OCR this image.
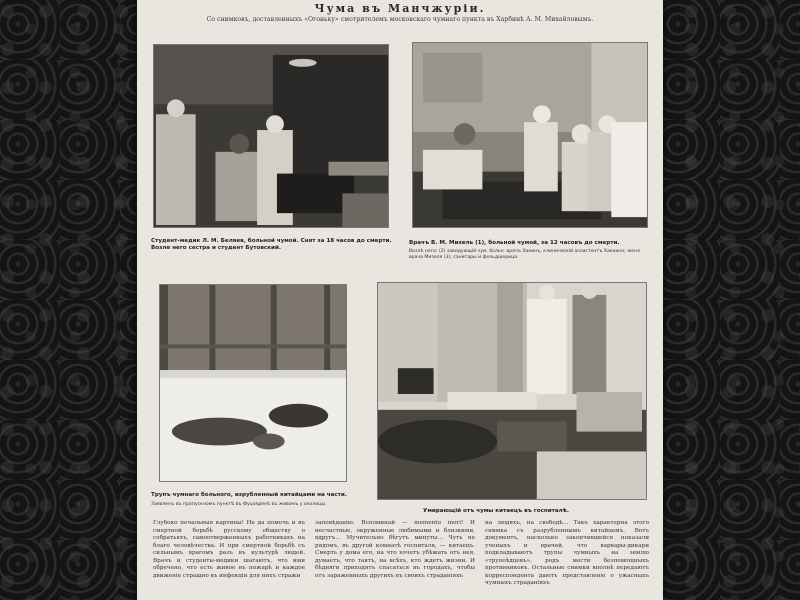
Чума въ Манчжуріи.
Со снимковъ, доставленныхъ «Огоньку» смотрителемъ московскаго чумнаго пункта въ Харбинѣ А. М. Михайловымъ.
Студент-медик Л. М. Беляев, больной чумой. Снят за 18 часов до смерти. Возле него сестра и студент Бутовский.
Врачъ В. М. Мизель (1), больной чумой, за 12 часовъ до смерти.
Возлѣ него: (2) заведующій чум. больн. врачъ Хакинъ, клиническій ассистентъ Хаккина; жена врача Мизеля (3); санитары и фельдшерица.
Трупъ чумнаго больного, изрубленный китайцами на части.
Заявленъ въ пропускномъ пунктѣ въ Фуцзядянѣ въ живомъ у околицы.
Умирающій отъ чумы китаецъ въ госпиталѣ.
Глубоко печальныя картины! Не да помочь и въ смертной борьбѣ русскому обществу о собратьяхъ, самоотверженныхъ работникахъ на благо человѣчества. И при смертной борьбѣ съ сильнымъ врагомъ разъ въ культурѣ людей. Врачъ и студенты-медики шагаютъ, что ими обречено, что есть живое въ пожарѣ и каждое движеніе страшно въ инфекціи для нихъ стражи
заповѣданію. Вспоминай — memento mori! И несчастные, окруженные любимыми и близкими, вдругъ… Мучительно бѣгутъ минуты… Чуть не рядомъ, въ другой комнатѣ госпиталя, — китаецъ. Смерть у дома его, на что хочетъ убѣжать отъ нея, думаетъ, что таятъ, на всѣхъ, кто ждетъ жизни. И бѣдняги приходятъ спасаться въ городахъ, чтобы отъ зараженныхъ другихъ въ своихъ страданіяхъ
на людяхъ, на свободѣ… Такъ характерна этого снимка съ разрубленнымъ китайцемъ. Вотъ документъ, насколько закончившейся показали ученыхъ и врачей, что варвары-дикари подкладываютъ трупы чумныхъ на землю «трупоѣдцевъ», родъ мести безпомощныхъ противниковъ. Остальные снимки вполнѣ передаютъ корреспондента даютъ представленіе о ужасныхъ чумныхъ страданіяхъ
